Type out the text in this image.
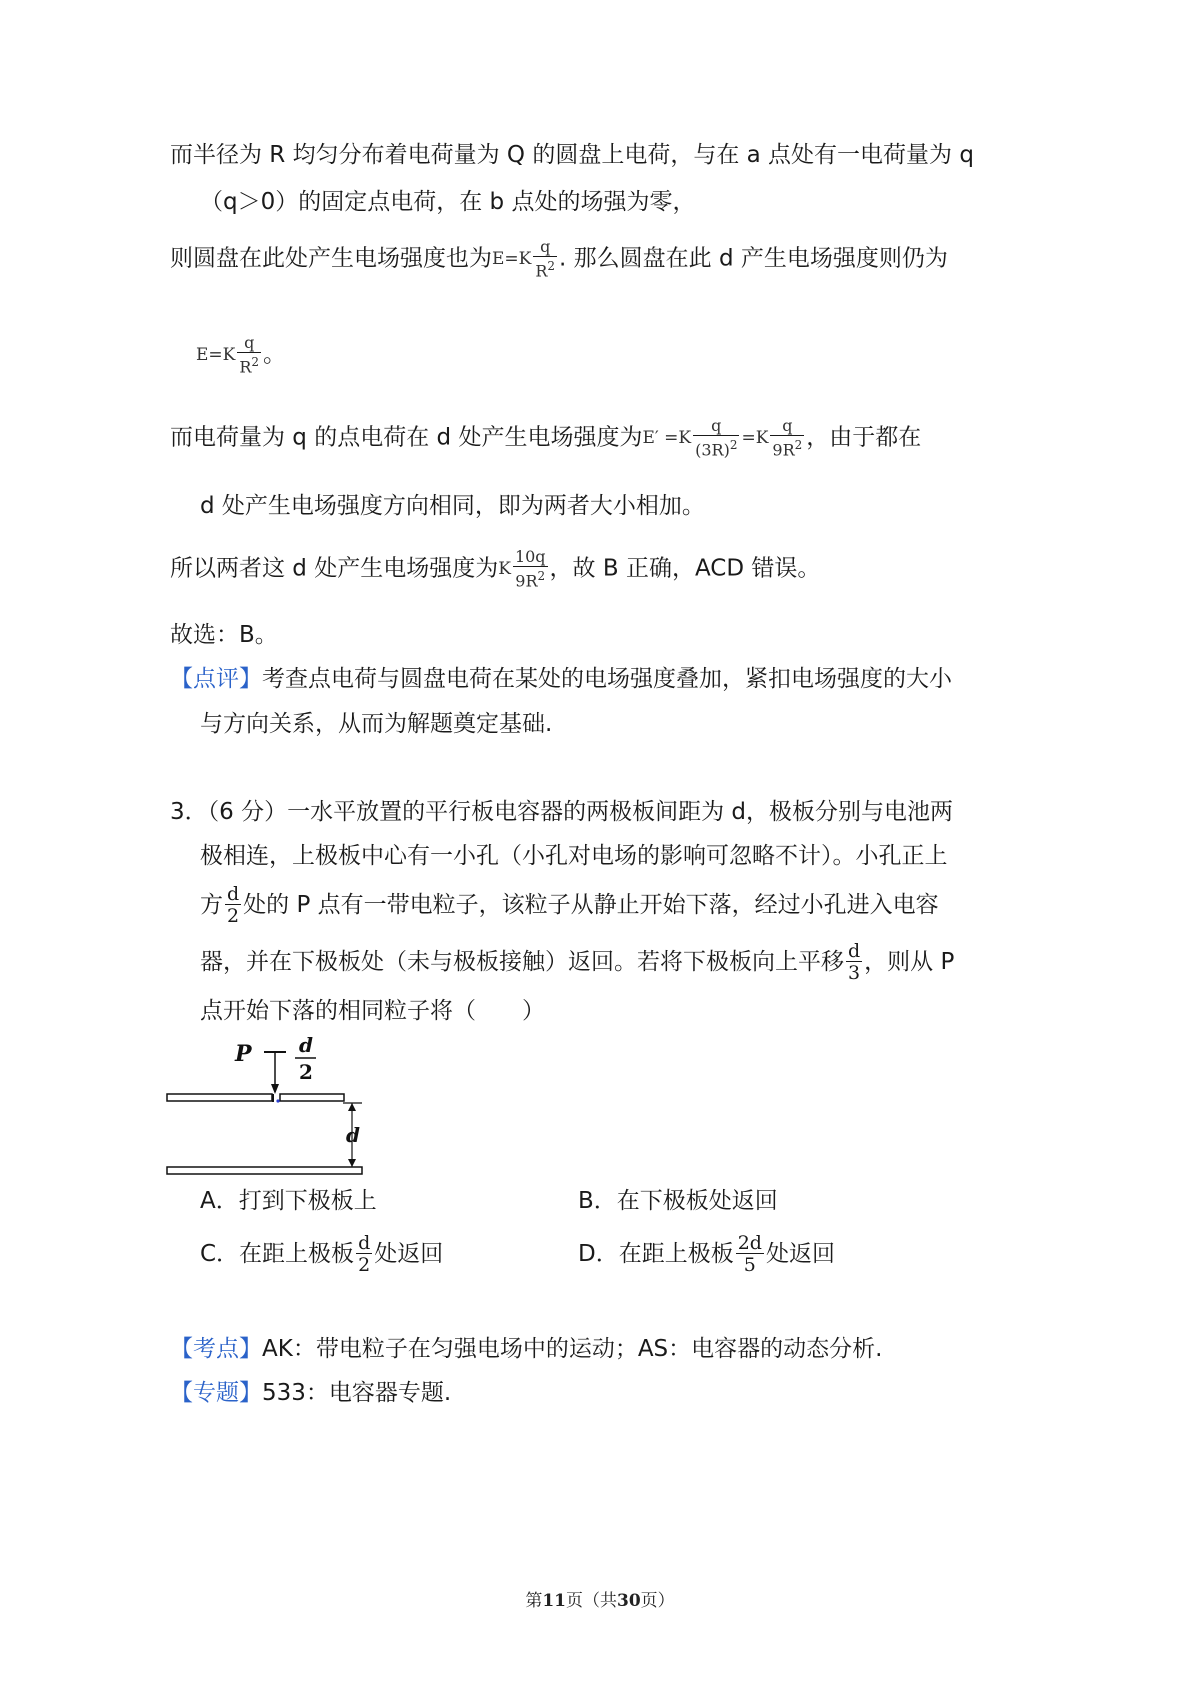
而半径为 R 均匀分布着电荷量为 Q 的圆盘上电荷，与在 a 点处有一电荷量为 q
（q＞0）的固定点电荷，在 b 点处的场强为零，
则圆盘在此处产生电场强度也为$E=K \frac{q}{R^2}$ . 那么圆盘在此 d 产生电场强度则仍为
$E=K \frac{q}{R^2}$ 。
而电荷量为 q 的点电荷在 d 处产生电场强度为$E' =K \frac{q}{(3R)^2} =K \frac{q}{9R^2}$ ，由于都在
d 处产生电场强度方向相同，即为两者大小相加。
所以两者这 d 处产生电场强度为K $\frac{10q}{9R^2}$ ，故 B 正确，ACD 错误。
故选：B。
【点评】考查点电荷与圆盘电荷在某处的电场强度叠加，紧扣电场强度的大小
与方向关系，从而为解题奠定基础.
3．（6 分）一水平放置的平行板电容器的两极板间距为 d，极板分别与电池两
极相连，上极板中心有一小孔（小孔对电场的影响可忽略不计）。小孔正上
方 $\frac{d}{2}$ 处的 P 点有一带电粒子，该粒子从静止开始下落，经过小孔进入电容
器，并在下极板处（未与极板接触）返回。若将下极板向上平移 $\frac{d}{3}$ ，则从 P
点开始下落的相同粒子将（　　）
P d
2
d
A．打到下极板上	B．在下极板处返回
C．在距上极板 $\frac{d}{2}$ 处返回	D．在距上极板 $\frac{2d}{5}$ 处返回
【考点】AK：带电粒子在匀强电场中的运动；AS：电容器的动态分析.
【专题】533：电容器专题.
第11页（共30页）
